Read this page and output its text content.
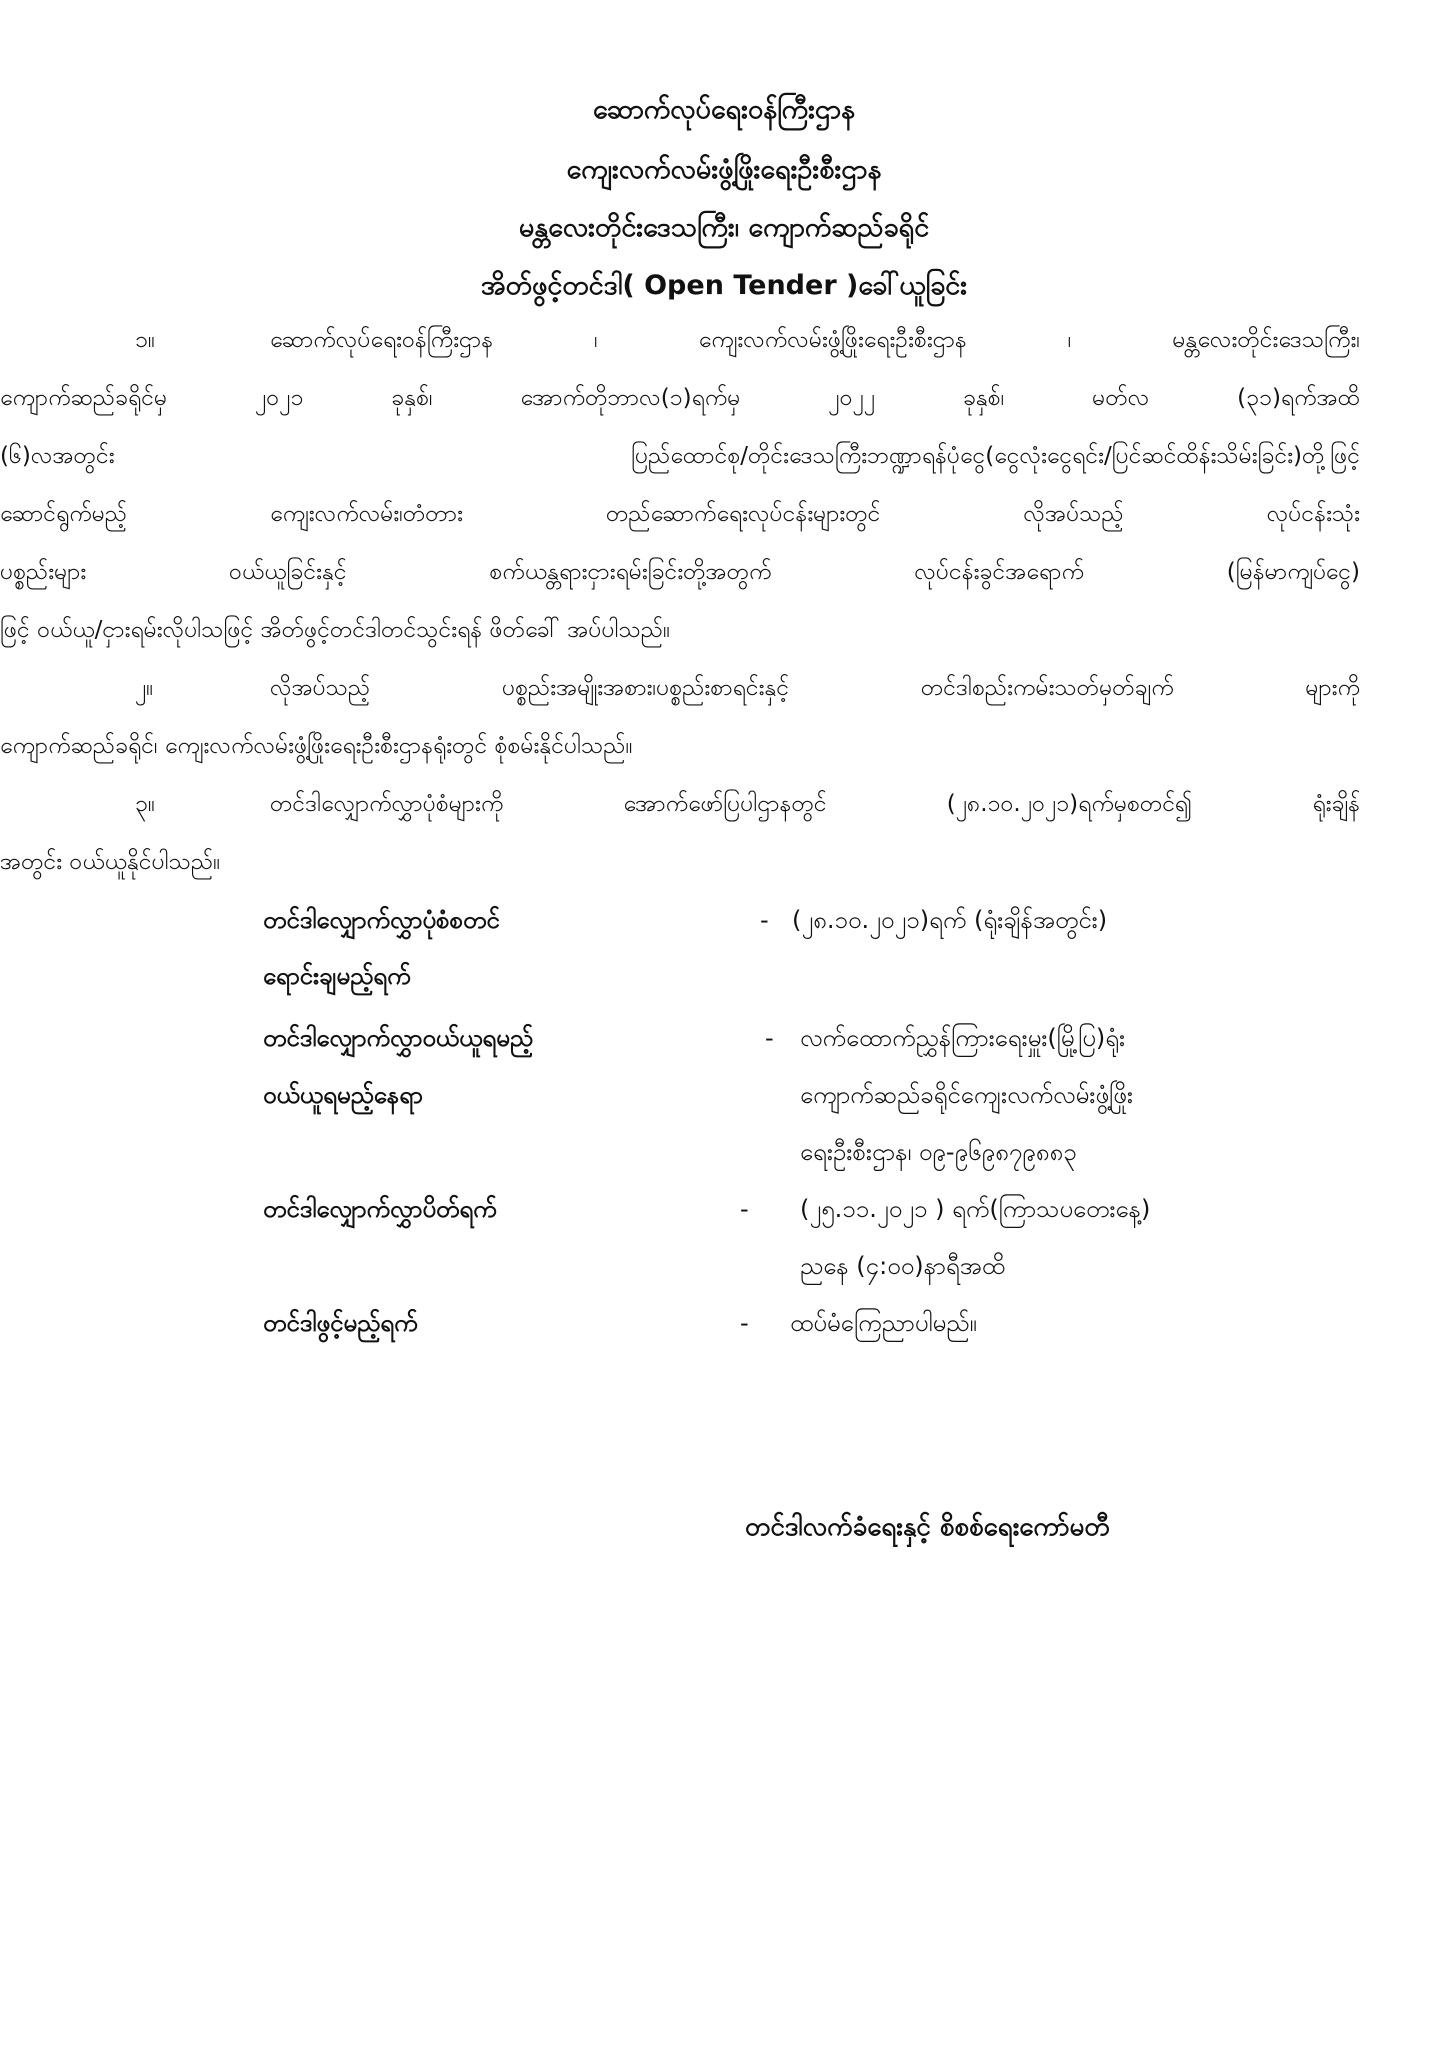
ဆောက်လုပ်ရေးဝန်ကြီးဌာန
ကျေးလက်လမ်းဖွံ့ဖြိုးရေးဦးစီးဌာန
မန္တလေးတိုင်းဒေသကြီး၊ ကျောက်ဆည်ခရိုင်
အိတ်ဖွင့်တင်ဒါ( Open Tender )ခေါ်ယူခြင်း
၁။	ဆောက်လုပ်ရေးဝန်ကြီးဌာန ၊ ကျေးလက်လမ်းဖွံ့ဖြိုးရေးဦးစီးဌာန ၊ မန္တလေးတိုင်းဒေသကြီး၊
ကျောက်ဆည်ခရိုင်မှ ၂၀၂၁ ခုနှစ်၊ အောက်တိုဘာလ(၁)ရက်မှ ၂၀၂၂ ခုနှစ်၊ မတ်လ (၃၁)ရက်အထိ
(၆)လအတွင်း ပြည်ထောင်စု/တိုင်းဒေသကြီးဘဏ္ဍာရန်ပုံငွေ(ငွေလုံးငွေရင်း/ပြင်ဆင်ထိန်းသိမ်းခြင်း)တို့ဖြင့်
ဆောင်ရွက်မည့် ကျေးလက်လမ်း၊တံတား တည်ဆောက်ရေးလုပ်ငန်းများတွင် လိုအပ်သည့် လုပ်ငန်းသုံး
ပစ္စည်းများ ဝယ်ယူခြင်းနှင့် စက်ယန္တရားငှားရမ်းခြင်းတို့အတွက် လုပ်ငန်းခွင်အရောက် (မြန်မာကျပ်ငွေ)
ဖြင့် ဝယ်ယူ/ငှားရမ်းလိုပါသဖြင့် အိတ်ဖွင့်တင်ဒါတင်သွင်းရန် ဖိတ်ခေါ် အပ်ပါသည်။
၂။	လိုအပ်သည့် ပစ္စည်းအမျိုးအစား၊ပစ္စည်းစာရင်းနှင့် တင်ဒါစည်းကမ်းသတ်မှတ်ချက် များကို
ကျောက်ဆည်ခရိုင်၊ ကျေးလက်လမ်းဖွံ့ဖြိုးရေးဦးစီးဌာနရုံးတွင် စုံစမ်းနိုင်ပါသည်။
၃။	တင်ဒါလျှောက်လွှာပုံစံများကို အောက်ဖော်ပြပါဌာနတွင် (၂၈.၁၀.၂၀၂၁)ရက်မှစတင်၍ ရုံးချိန်
အတွင်း ဝယ်ယူနိုင်ပါသည်။
တင်ဒါလျှောက်လွှာပုံစံစတင်
ရောင်းချမည့်ရက်
- (၂၈.၁၀.၂၀၂၁)ရက် (ရုံးချိန်အတွင်း)
တင်ဒါလျှောက်လွှာဝယ်ယူရမည့်
ဝယ်ယူရမည့်နေရာ
- လက်ထောက်ညွှန်ကြားရေးမှူး(မြို့ပြ)ရုံး
ကျောက်ဆည်ခရိုင်ကျေးလက်လမ်းဖွံ့ဖြိုး
ရေးဦးစီးဌာန၊ ၀၉-၉၆၉၈၇၉၈၈၃
တင်ဒါလျှောက်လွှာပိတ်ရက်	- (၂၅.၁၁.၂၀၂၁ ) ရက်(ကြာသပတေးနေ့)
ညနေ (၄:၀၀)နာရီအထိ
တင်ဒါဖွင့်မည့်ရက်	- ထပ်မံကြေညာပါမည်။
တင်ဒါလက်ခံရေးနှင့် စိစစ်ရေးကော်မတီ
